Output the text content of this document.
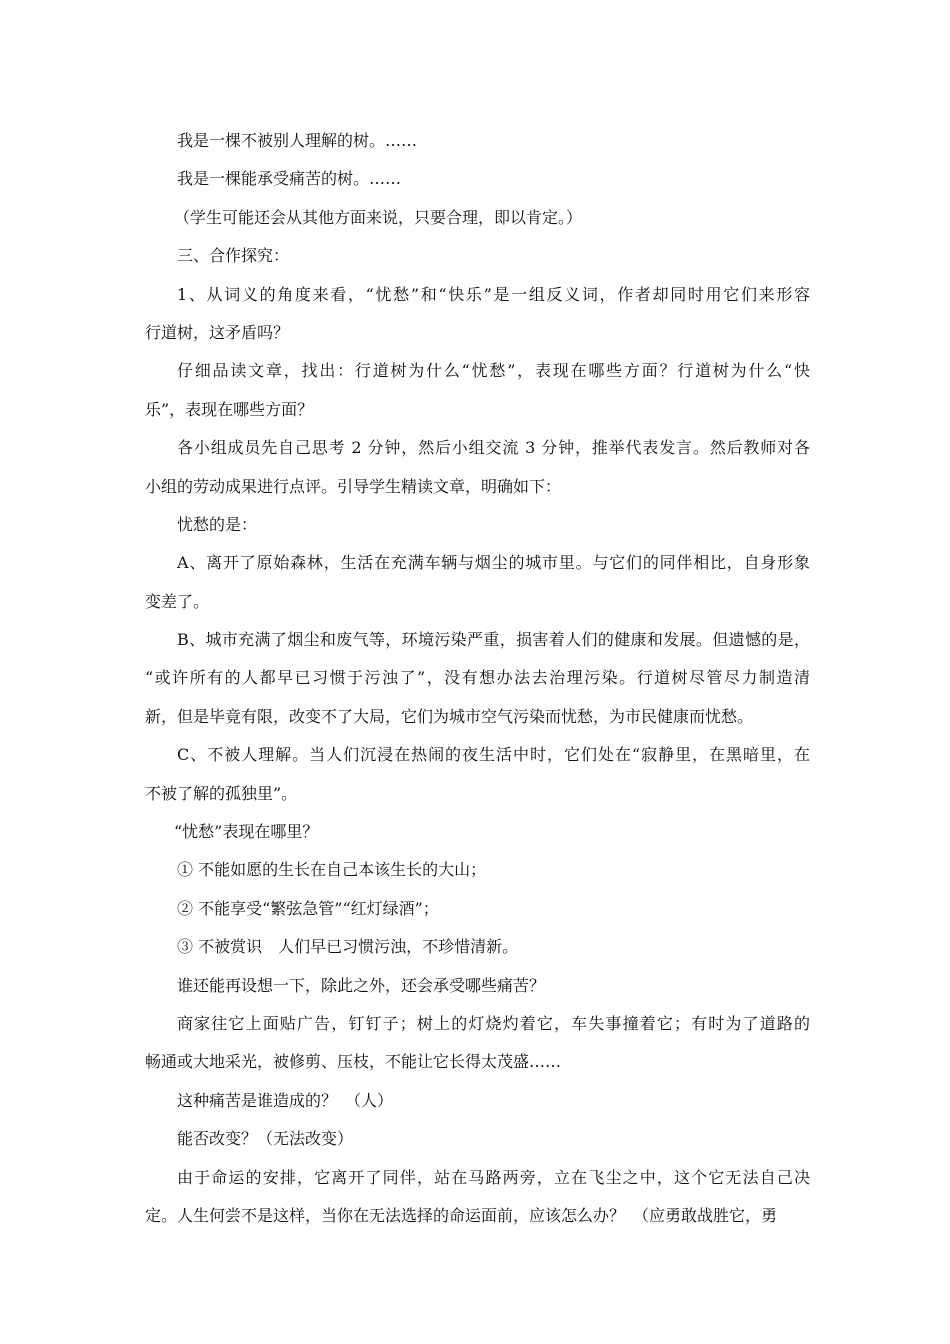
我是一棵不被别人理解的树。……
我是一棵能承受痛苦的树。……
（学生可能还会从其他方面来说，只要合理，即以肯定。）
三、合作探究：
1、从词义的角度来看，“忧愁”和“快乐”是一组反义词，作者却同时用它们来形容
行道树，这矛盾吗？
仔细品读文章，找出：行道树为什么“忧愁”，表现在哪些方面？行道树为什么“快
乐”，表现在哪些方面？
各小组成员先自己思考 2 分钟，然后小组交流 3 分钟，推举代表发言。然后教师对各
小组的劳动成果进行点评。引导学生精读文章，明确如下：
忧愁的是：
A、离开了原始森林，生活在充满车辆与烟尘的城市里。与它们的同伴相比，自身形象
变差了。
B、城市充满了烟尘和废气等，环境污染严重，损害着人们的健康和发展。但遗憾的是，
“或许所有的人都早已习惯于污浊了”，没有想办法去治理污染。行道树尽管尽力制造清
新，但是毕竟有限，改变不了大局，它们为城市空气污染而忧愁，为市民健康而忧愁。
C、不被人理解。当人们沉浸在热闹的夜生活中时，它们处在“寂静里，在黑暗里，在
不被了解的孤独里”。
“忧愁”表现在哪里？
① 不能如愿的生长在自己本该生长的大山；
② 不能享受“繁弦急管”“红灯绿酒”；
③ 不被赏识　人们早已习惯污浊，不珍惜清新。
谁还能再设想一下，除此之外，还会承受哪些痛苦？
商家往它上面贴广告，钉钉子；树上的灯烧灼着它，车失事撞着它；有时为了道路的
畅通或大地采光，被修剪、压枝，不能让它长得太茂盛……
这种痛苦是谁造成的？　（人）
能否改变？（无法改变）
由于命运的安排，它离开了同伴，站在马路两旁，立在飞尘之中，这个它无法自己决
定。人生何尝不是这样，当你在无法选择的命运面前，应该怎么办？　（应勇敢战胜它，勇
